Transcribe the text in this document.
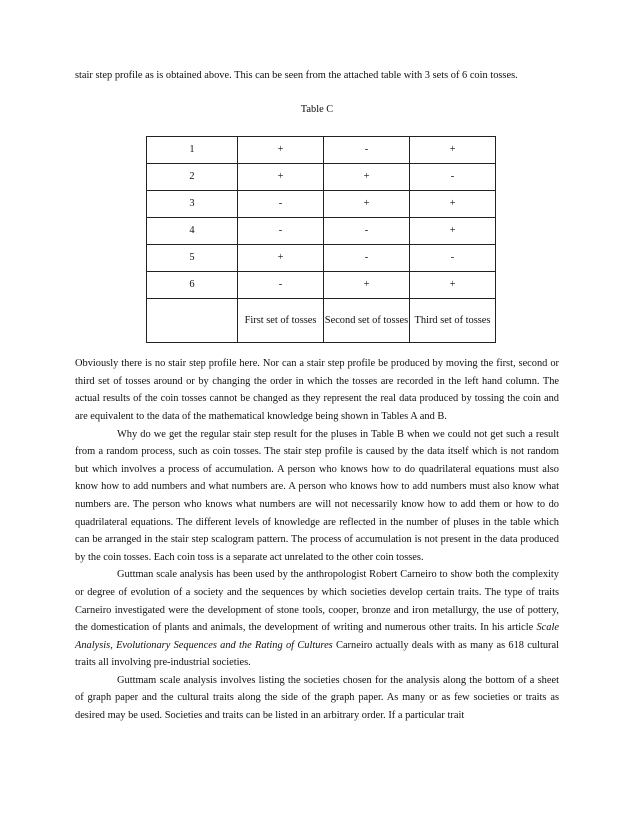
stair step profile as is obtained above. This can be seen from the attached table with 3 sets of 6 coin tosses.

Table C
1	+	-	+
2	+	+	-
3	-	+	+
4	-	-	+
5	+	-	-
6	-	+	+
	First set of tosses	Second set of tosses	Third set of tosses

Obviously there is no stair step profile here. Nor can a stair step profile be produced by moving the first, second or third set of tosses around or by changing the order in which the tosses are recorded in the left hand column. The actual results of the coin tosses cannot be changed as they represent the real data produced by tossing the coin and are equivalent to the data of the mathematical knowledge being shown in Tables A and B.

Why do we get the regular stair step result for the pluses in Table B when we could not get such a result from a random process, such as coin tosses. The stair step profile is caused by the data itself which is not random but which involves a process of accumulation. A person who knows how to do quadrilateral equations must also know how to add numbers and what numbers are. A person who knows how to add numbers must also know what numbers are. The person who knows what numbers are will not necessarily know how to add them or how to do quadrilateral equations. The different levels of knowledge are reflected in the number of pluses in the table which can be arranged in the stair step scalogram pattern. The process of accumulation is not present in the data produced by the coin tosses. Each coin toss is a separate act unrelated to the other coin tosses.

Guttman scale analysis has been used by the anthropologist Robert Carneiro to show both the complexity or degree of evolution of a society and the sequences by which societies develop certain traits. The type of traits Carneiro investigated were the development of stone tools, cooper, bronze and iron metallurgy, the use of pottery, the domestication of plants and animals, the development of writing and numerous other traits. In his article Scale Analysis, Evolutionary Sequences and the Rating of Cultures Carneiro actually deals with as many as 618 cultural traits all involving pre-industrial societies.

Guttmam scale analysis involves listing the societies chosen for the analysis along the bottom of a sheet of graph paper and the cultural traits along the side of the graph paper. As many or as few societies or traits as desired may be used. Societies and traits can be listed in an arbitrary order. If a particular trait
